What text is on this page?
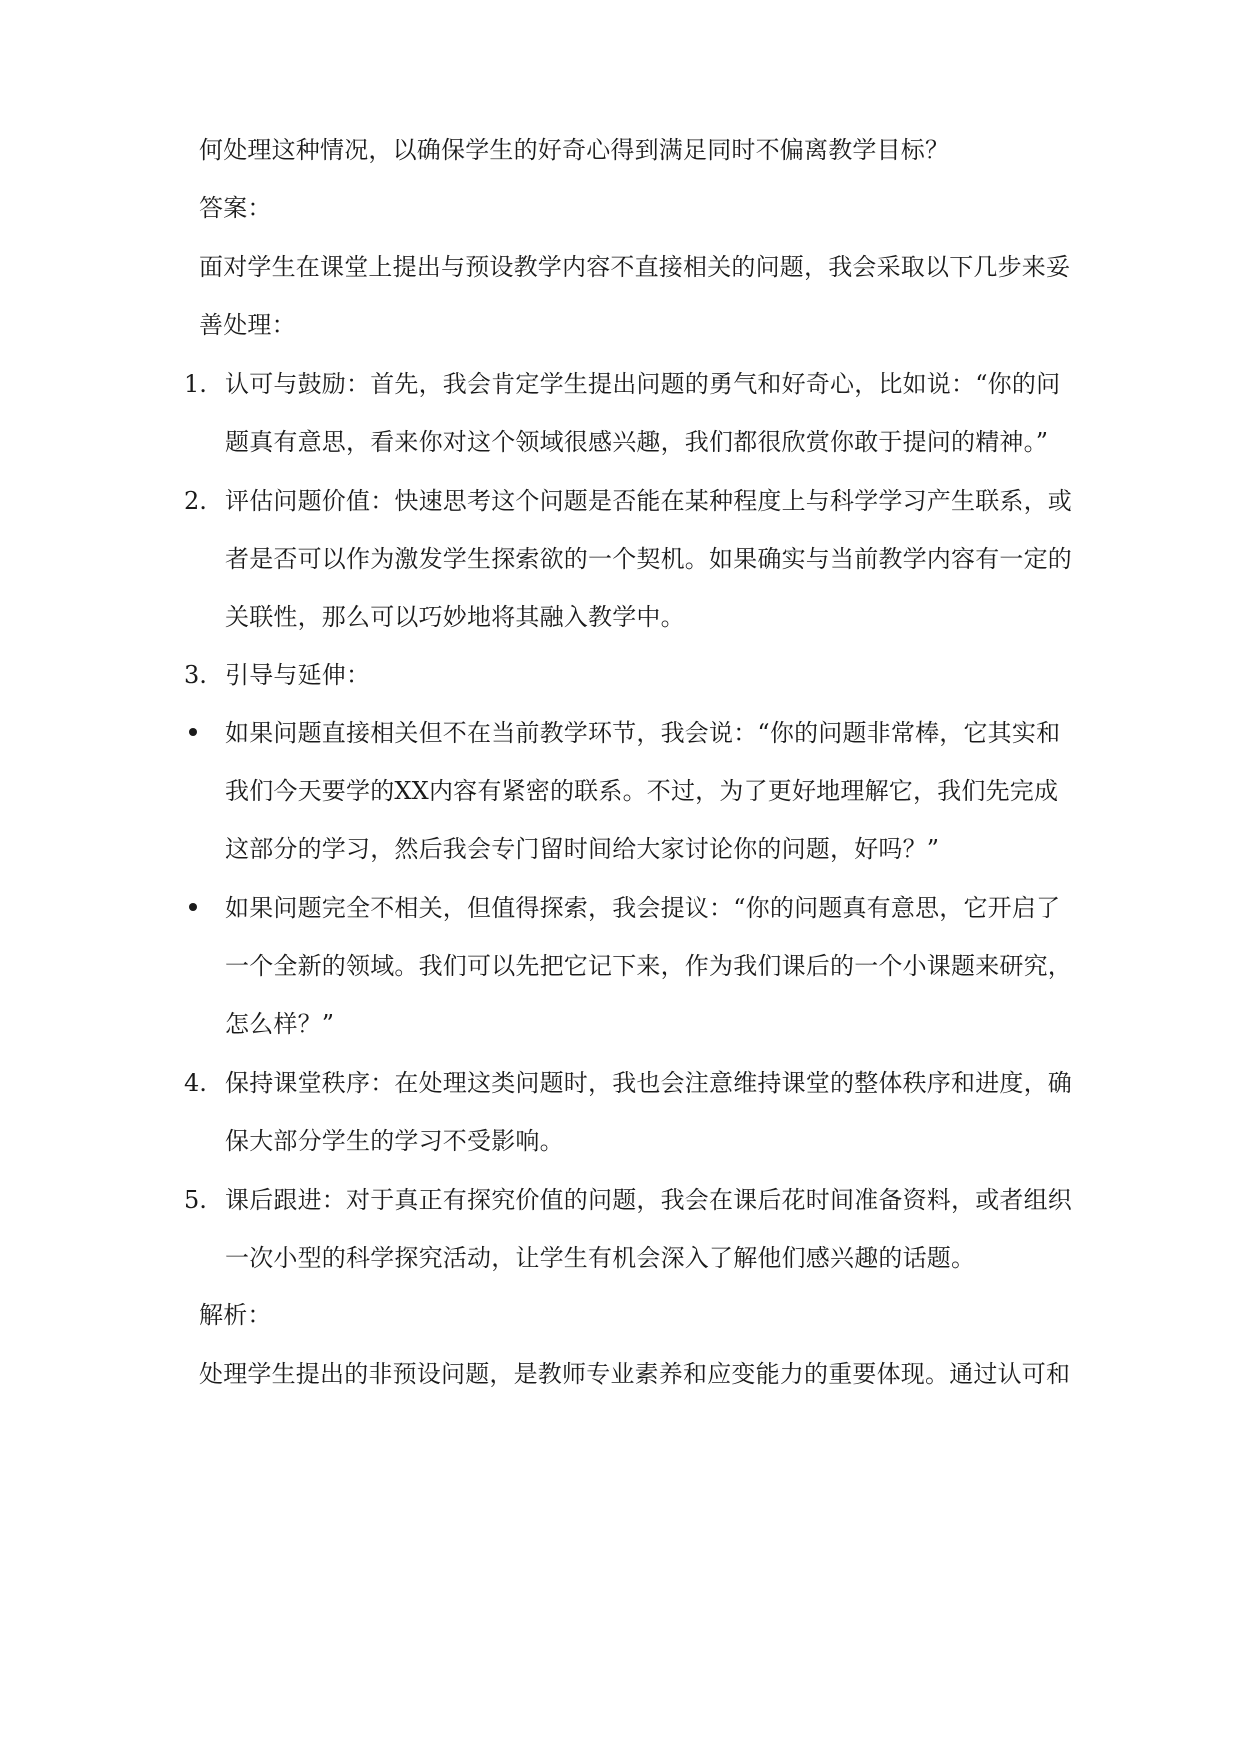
何处理这种情况，以确保学生的好奇心得到满足同时不偏离教学目标？
答案：
面对学生在课堂上提出与预设教学内容不直接相关的问题，我会采取以下几步来妥
善处理：
1. 认可与鼓励：首先，我会肯定学生提出问题的勇气和好奇心，比如说：“你的问
题真有意思，看来你对这个领域很感兴趣，我们都很欣赏你敢于提问的精神。”
2. 评估问题价值：快速思考这个问题是否能在某种程度上与科学学习产生联系，或
者是否可以作为激发学生探索欲的一个契机。如果确实与当前教学内容有一定的
关联性，那么可以巧妙地将其融入教学中。
3. 引导与延伸：
如果问题直接相关但不在当前教学环节，我会说：“你的问题非常棒，它其实和
我们今天要学的XX内容有紧密的联系。不过，为了更好地理解它，我们先完成
这部分的学习，然后我会专门留时间给大家讨论你的问题，好吗？”
如果问题完全不相关，但值得探索，我会提议：“你的问题真有意思，它开启了
一个全新的领域。我们可以先把它记下来，作为我们课后的一个小课题来研究，
怎么样？”
4. 保持课堂秩序：在处理这类问题时，我也会注意维持课堂的整体秩序和进度，确
保大部分学生的学习不受影响。
5. 课后跟进：对于真正有探究价值的问题，我会在课后花时间准备资料，或者组织
一次小型的科学探究活动，让学生有机会深入了解他们感兴趣的话题。
解析：
处理学生提出的非预设问题，是教师专业素养和应变能力的重要体现。通过认可和
